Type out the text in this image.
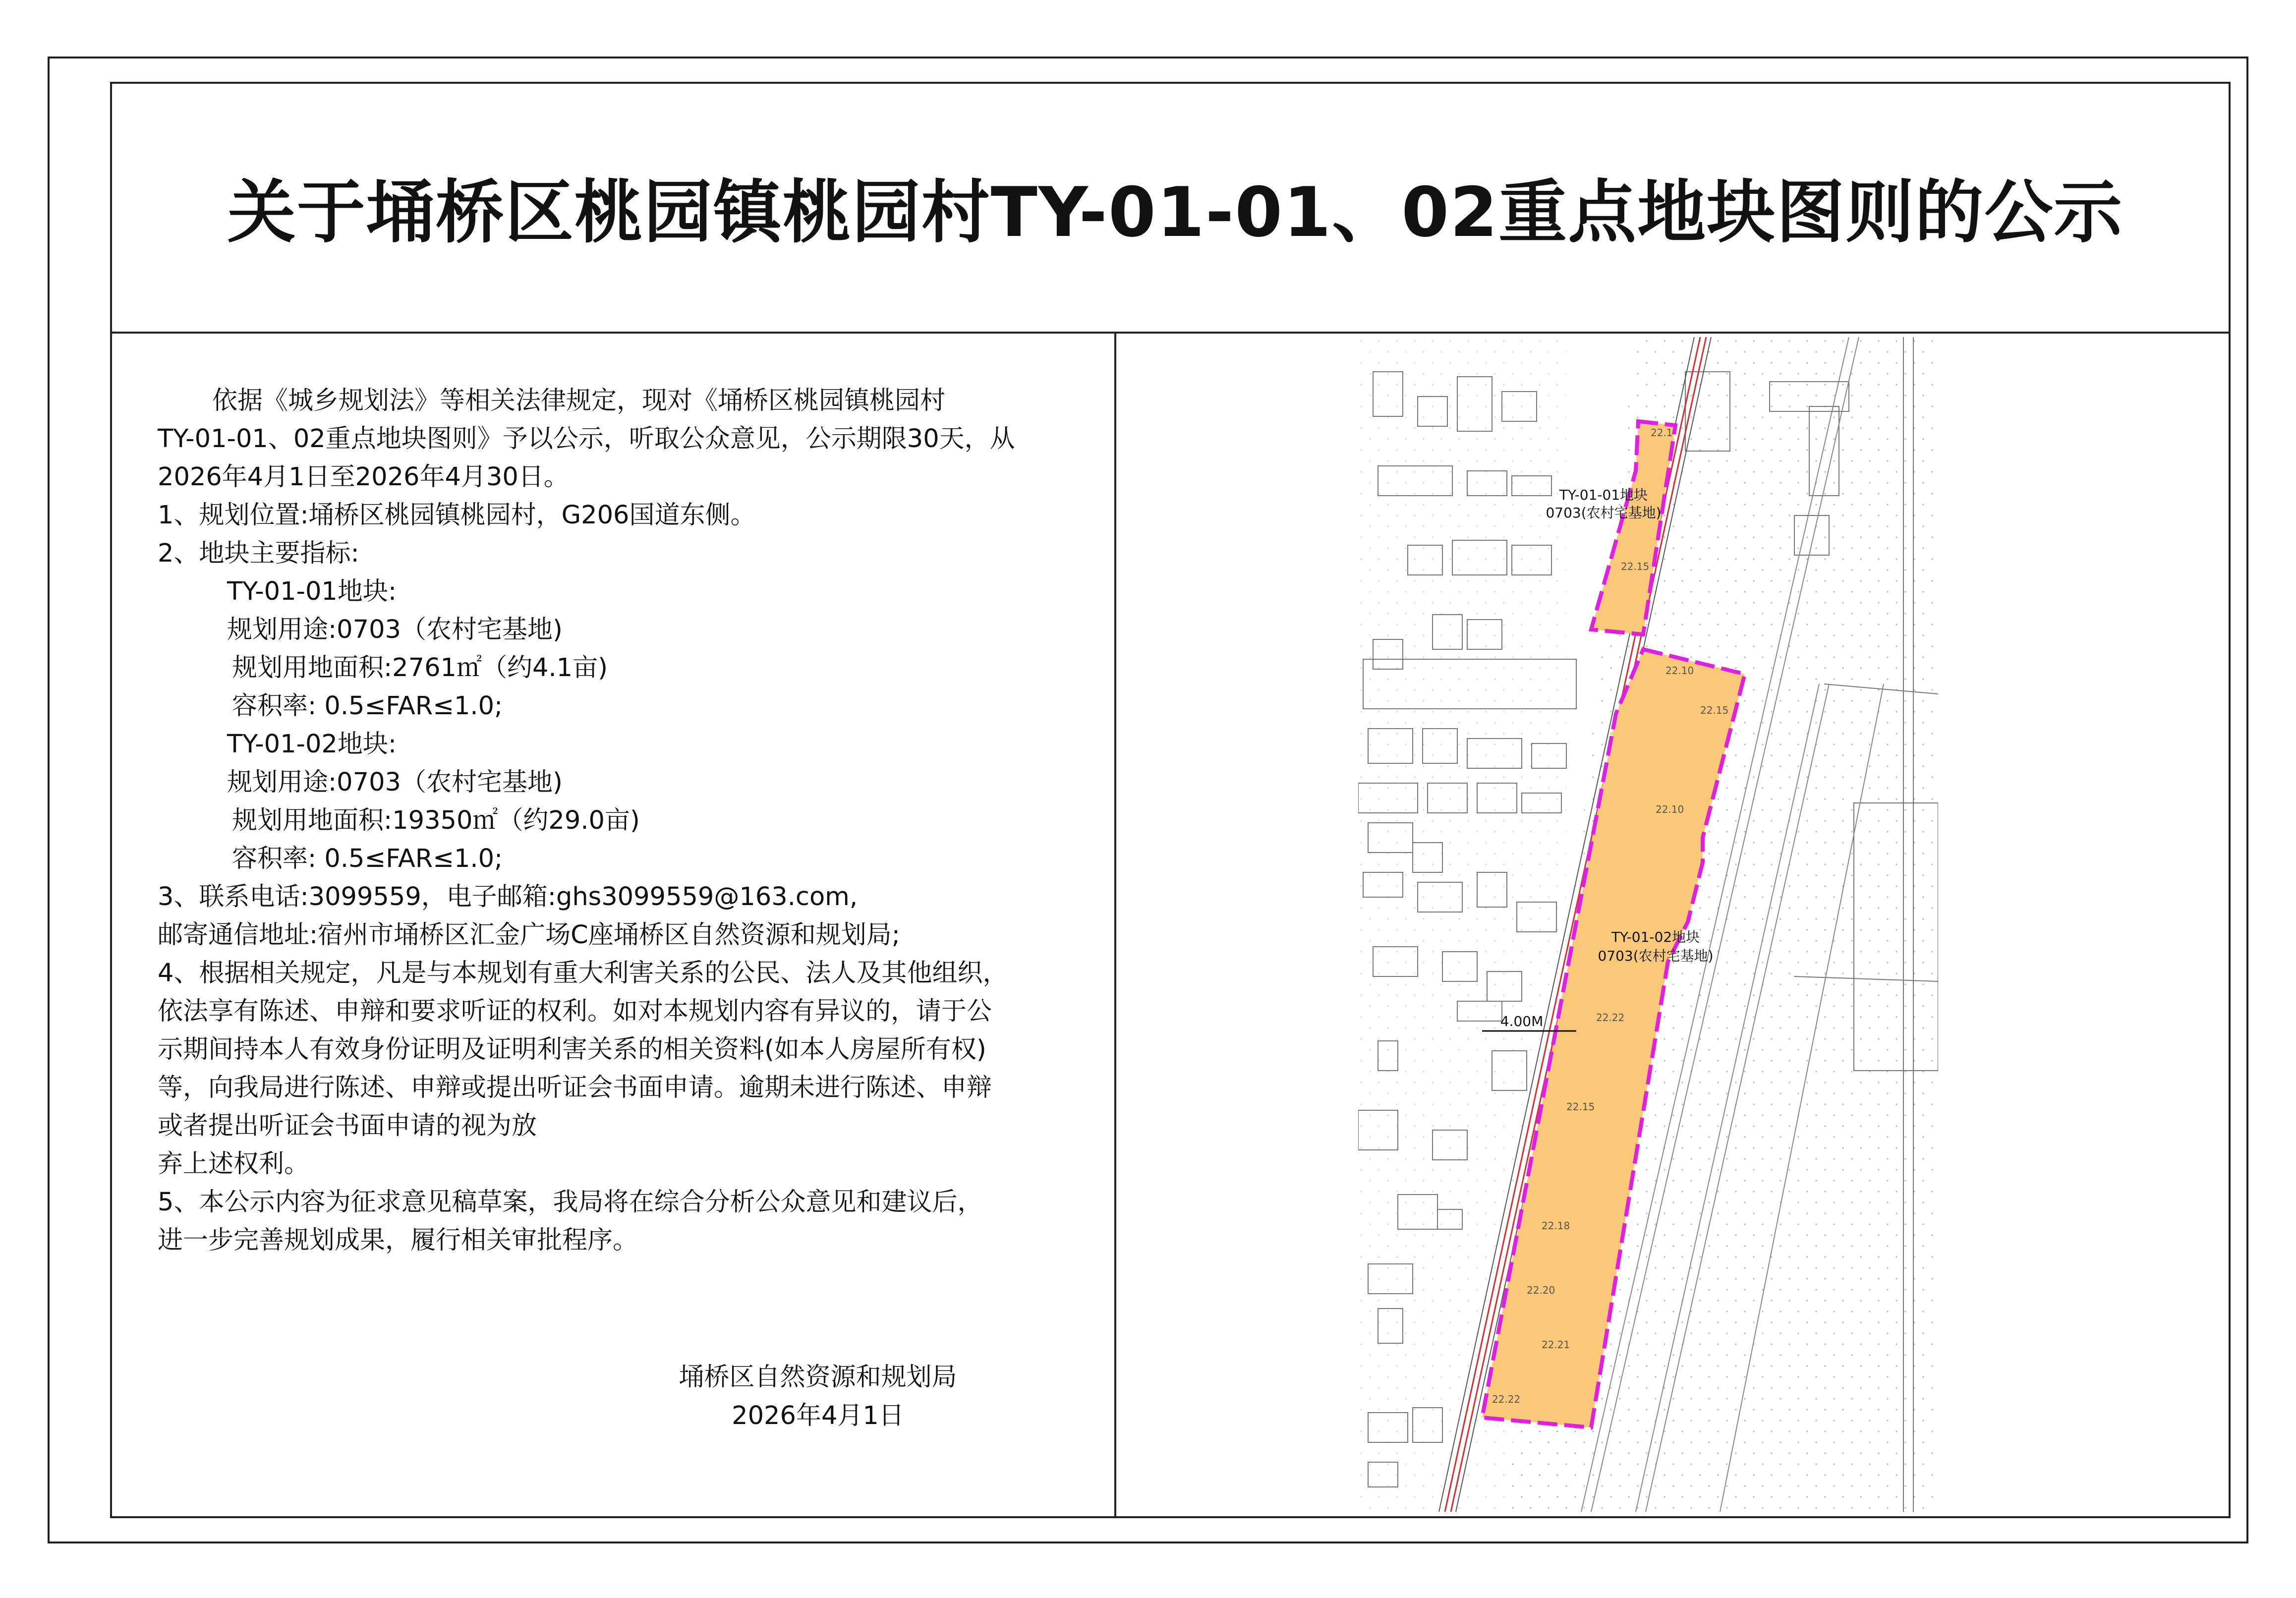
关于埇桥区桃园镇桃园村TY-01-01、02重点地块图则的公示

依据《城乡规划法》等相关法律规定，现对《埇桥区桃园镇桃园村

TY-01-01、02重点地块图则》予以公示，听取公众意见，公示期限30天，从

2026年4月1日至2026年4月30日。

1、规划位置:埇桥区桃园镇桃园村，G206国道东侧。

2、地块主要指标:

TY-01-01地块:

规划用途:0703（农村宅基地)

规划用地面积:2761㎡（约4.1亩)

容积率: 0.5≤FAR≤1.0;

TY-01-02地块:

规划用途:0703（农村宅基地)

规划用地面积:19350㎡（约29.0亩)

容积率: 0.5≤FAR≤1.0;

3、联系电话:3099559，电子邮箱:ghs3099559@163.com,

邮寄通信地址:宿州市埇桥区汇金广场C座埇桥区自然资源和规划局;

4、根据相关规定，凡是与本规划有重大利害关系的公民、法人及其他组织，

依法享有陈述、申辩和要求听证的权利。如对本规划内容有异议的，请于公

示期间持本人有效身份证明及证明利害关系的相关资料(如本人房屋所有权)

等，向我局进行陈述、申辩或提出听证会书面申请。逾期未进行陈述、申辩

或者提出听证会书面申请的视为放

弃上述权利。

5、本公示内容为征求意见稿草案，我局将在综合分析公众意见和建议后，

进一步完善规划成果，履行相关审批程序。

埇桥区自然资源和规划局
2026年4月1日
TY-01-01地块
0703(农村宅基地)
TY-01-02地块
0703(农村宅基地)
4.00M
22.1
22.15
22.10
22.15
22.10
22.22
22.15
22.18
22.20
22.21
22.22
